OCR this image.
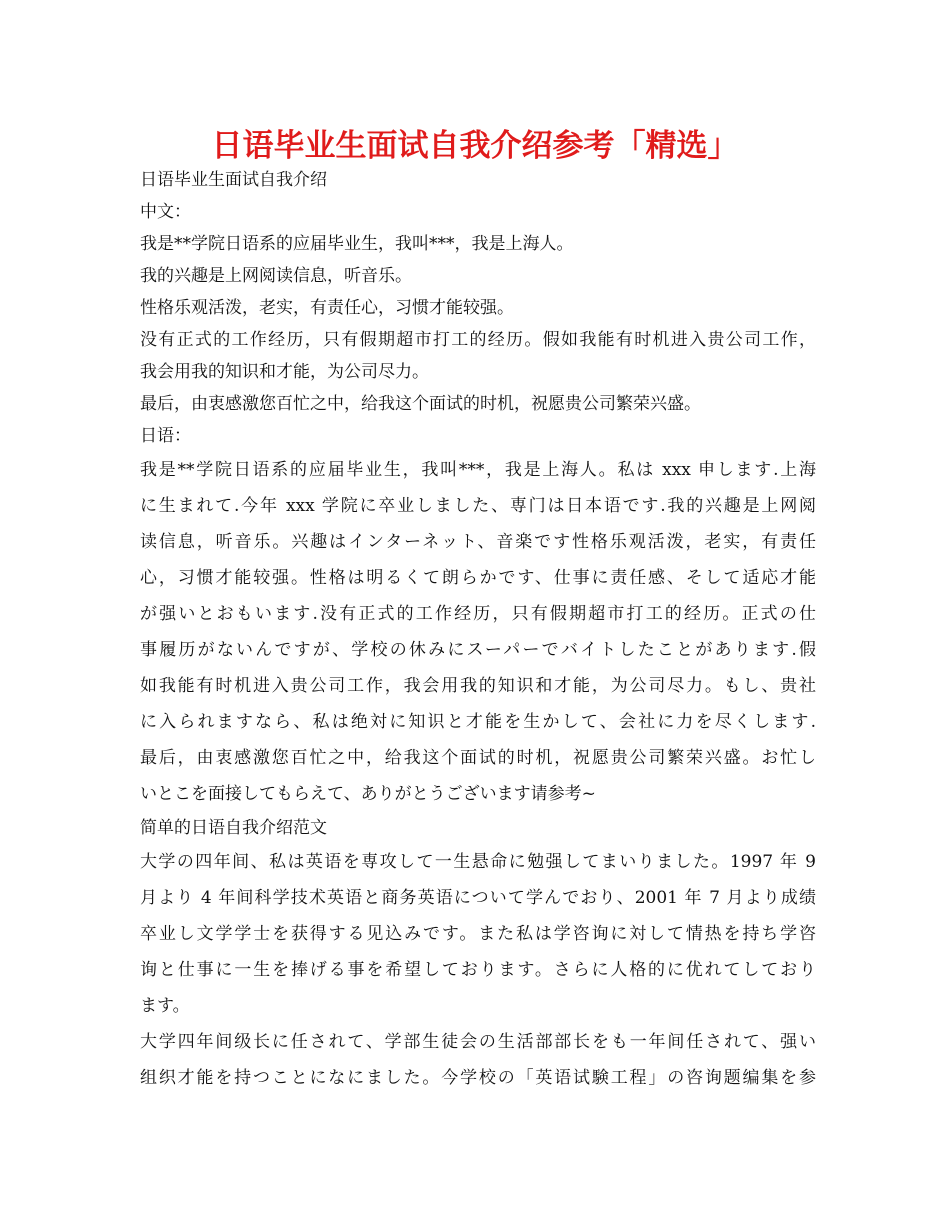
日语毕业生面试自我介绍参考「精选」
日语毕业生面试自我介绍
中文：
我是**学院日语系的应届毕业生，我叫***，我是上海人。
我的兴趣是上网阅读信息，听音乐。
性格乐观活泼，老实，有责任心，习惯才能较强。
没有正式的工作经历，只有假期超市打工的经历。假如我能有时机进入贵公司工作，
我会用我的知识和才能，为公司尽力。
最后，由衷感激您百忙之中，给我这个面试的时机，祝愿贵公司繁荣兴盛。
日语：
我是**学院日语系的应届毕业生，我叫***，我是上海人。私は xxx 申します.上海
に生まれて.今年 xxx 学院に卒业しました、専门は日本语です.我的兴趣是上网阅
读信息，听音乐。兴趣はインターネット、音楽です性格乐观活泼，老实，有责任
心，习惯才能较强。性格は明るくて朗らかです、仕事に责任感、そして适応才能
が强いとおもいます.没有正式的工作经历，只有假期超市打工的经历。正式の仕
事履历がないんですが、学校の休みにスーパーでバイトしたことがあります.假
如我能有时机进入贵公司工作，我会用我的知识和才能，为公司尽力。もし、贵社
に入られますなら、私は绝対に知识と才能を生かして、会社に力を尽くします.
最后，由衷感激您百忙之中，给我这个面试的时机，祝愿贵公司繁荣兴盛。お忙し
いとこを面接してもらえて、ありがとうございます请参考~
简单的日语自我介绍范文
大学の四年间、私は英语を専攻して一生悬命に勉强してまいりました。1997 年 9
月より 4 年间科学技术英语と商务英语について学んでおり、2001 年 7 月より成绩
卒业し文学学士を获得する见込みです。また私は学咨询に対して情热を持ち学咨
询と仕事に一生を捧げる事を希望しております。さらに人格的に优れてしており
ます。
大学四年间级长に任されて、学部生徒会の生活部部长をも一年间任されて、强い
组织才能を持つことになにました。今学校の「英语试験工程」の咨询题编集を参
